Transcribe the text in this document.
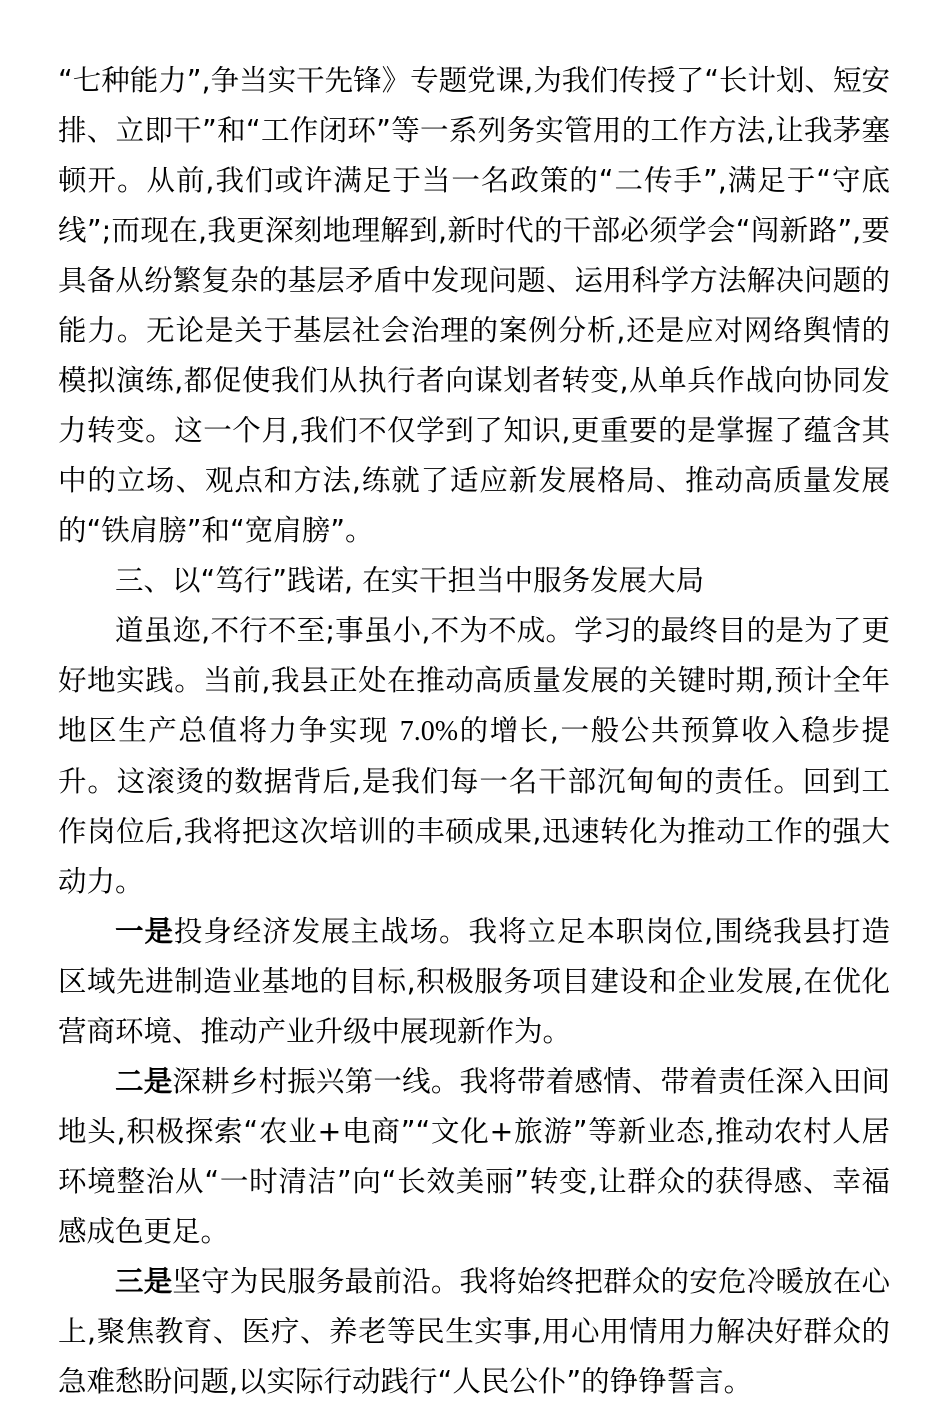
“七种能力”,争当实干先锋》专题党课,为我们传授了“长计划、短安排、立即干”和“工作闭环”等一系列务实管用的工作方法,让我茅塞顿开。从前,我们或许满足于当一名政策的“二传手”,满足于“守底线”;而现在,我更深刻地理解到,新时代的干部必须学会“闯新路”,要具备从纷繁复杂的基层矛盾中发现问题、运用科学方法解决问题的能力。无论是关于基层社会治理的案例分析,还是应对网络舆情的模拟演练,都促使我们从执行者向谋划者转变,从单兵作战向协同发力转变。这一个月,我们不仅学到了知识,更重要的是掌握了蕴含其中的立场、观点和方法,练就了适应新发展格局、推动高质量发展的“铁肩膀”和“宽肩膀”。

三、以“笃行”践诺, 在实干担当中服务发展大局

道虽迩,不行不至;事虽小,不为不成。学习的最终目的是为了更好地实践。当前,我县正处在推动高质量发展的关键时期,预计全年地区生产总值将力争实现 7.0%的增长,一般公共预算收入稳步提升。这滚烫的数据背后,是我们每一名干部沉甸甸的责任。回到工作岗位后,我将把这次培训的丰硕成果,迅速转化为推动工作的强大动力。

一是投身经济发展主战场。我将立足本职岗位,围绕我县打造区域先进制造业基地的目标,积极服务项目建设和企业发展,在优化营商环境、推动产业升级中展现新作为。

二是深耕乡村振兴第一线。我将带着感情、带着责任深入田间地头,积极探索“农业+电商”“文化+旅游”等新业态,推动农村人居环境整治从“一时清洁”向“长效美丽”转变,让群众的获得感、幸福感成色更足。

三是坚守为民服务最前沿。我将始终把群众的安危冷暖放在心上,聚焦教育、医疗、养老等民生实事,用心用情用力解决好群众的急难愁盼问题,以实际行动践行“人民公仆”的铮铮誓言。
